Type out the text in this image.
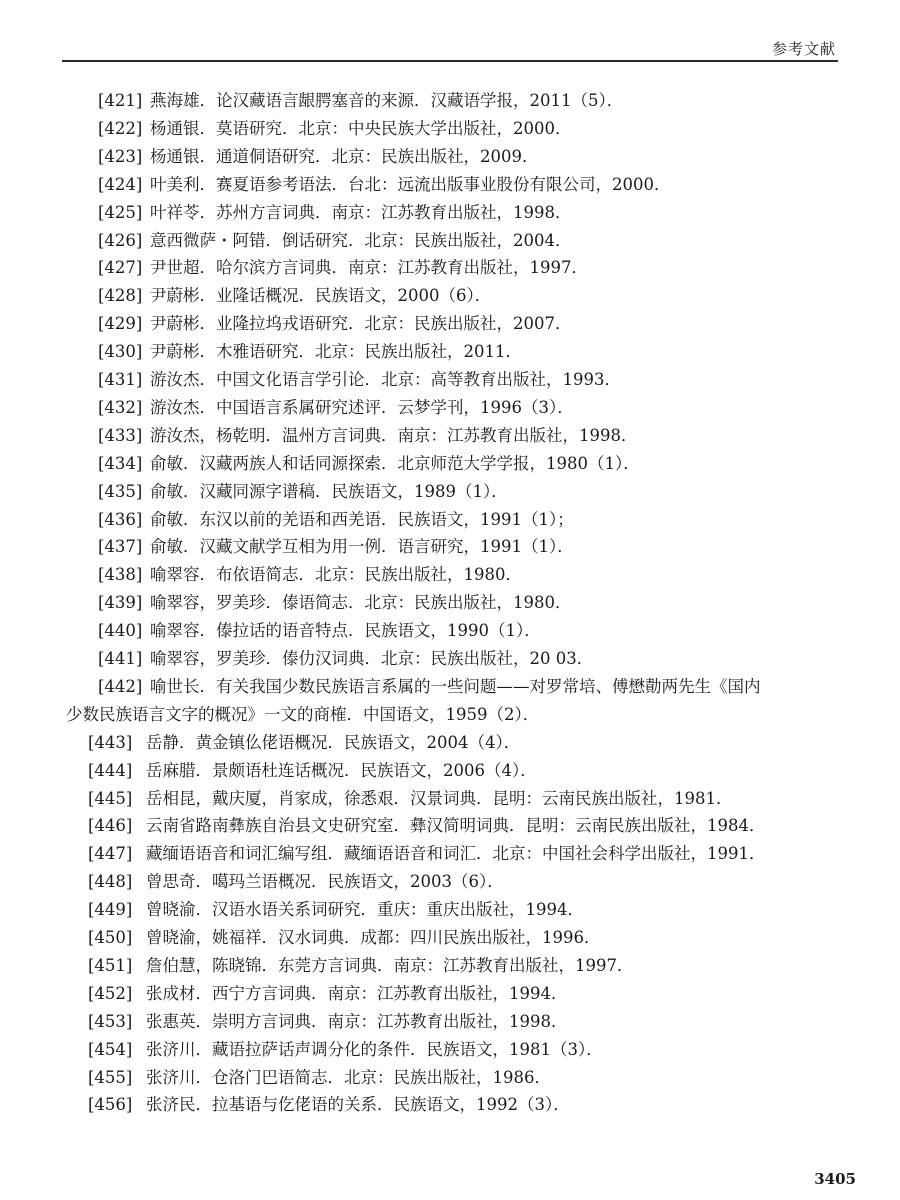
参考文献
[421] 燕海雄．论汉藏语言龈腭塞音的来源．汉藏语学报，2011（5）．
[422] 杨通银．莫语研究．北京：中央民族大学出版社，2000．
[423] 杨通银．通道侗语研究．北京：民族出版社，2009．
[424] 叶美利．赛夏语参考语法．台北：远流出版事业股份有限公司，2000．
[425] 叶祥苓．苏州方言词典．南京：江苏教育出版社，1998．
[426] 意西微萨・阿错．倒话研究．北京：民族出版社，2004．
[427] 尹世超．哈尔滨方言词典．南京：江苏教育出版社，1997．
[428] 尹蔚彬．业隆话概况．民族语文，2000（6）．
[429] 尹蔚彬．业隆拉坞戎语研究．北京：民族出版社，2007．
[430] 尹蔚彬．木雅语研究．北京：民族出版社，2011．
[431] 游汝杰．中国文化语言学引论．北京：高等教育出版社，1993．
[432] 游汝杰．中国语言系属研究述评．云梦学刊，1996（3）．
[433] 游汝杰，杨乾明．温州方言词典．南京：江苏教育出版社，1998．
[434] 俞敏．汉藏两族人和话同源探索．北京师范大学学报，1980（1）．
[435] 俞敏．汉藏同源字谱稿．民族语文，1989（1）．
[436] 俞敏．东汉以前的羌语和西羌语．民族语文，1991（1）；
[437] 俞敏．汉藏文献学互相为用一例．语言研究，1991（1）．
[438] 喻翠容．布依语简志．北京：民族出版社，1980．
[439] 喻翠容，罗美珍．傣语简志．北京：民族出版社，1980．
[440] 喻翠容．傣拉话的语音特点．民族语文，1990（1）．
[441] 喻翠容，罗美珍．傣仂汉词典．北京：民族出版社，20 03．
[442] 喻世长．有关我国少数民族语言系属的一些问题——对罗常培、傅懋勣两先生《国内
少数民族语言文字的概况》一文的商榷．中国语文，1959（2）．
[443] 岳静．黄金镇仫佬语概况．民族语文，2004（4）．
[444] 岳麻腊．景颇语杜连话概况．民族语文，2006（4）．
[445] 岳相昆，戴庆厦，肖家成，徐悉艰．汉景词典．昆明：云南民族出版社，1981．
[446] 云南省路南彝族自治县文史研究室．彝汉简明词典．昆明：云南民族出版社，1984．
[447] 藏缅语语音和词汇编写组．藏缅语语音和词汇．北京：中国社会科学出版社，1991．
[448] 曾思奇．噶玛兰语概况．民族语文，2003（6）．
[449] 曾晓渝．汉语水语关系词研究．重庆：重庆出版社，1994．
[450] 曾晓渝，姚福祥．汉水词典．成都：四川民族出版社，1996．
[451] 詹伯慧，陈晓锦．东莞方言词典．南京：江苏教育出版社，1997．
[452] 张成材．西宁方言词典．南京：江苏教育出版社，1994．
[453] 张惠英．崇明方言词典．南京：江苏教育出版社，1998．
[454] 张济川．藏语拉萨话声调分化的条件．民族语文，1981（3）．
[455] 张济川．仓洛门巴语简志．北京：民族出版社，1986．
[456] 张济民．拉基语与仡佬语的关系．民族语文，1992（3）．
3405
